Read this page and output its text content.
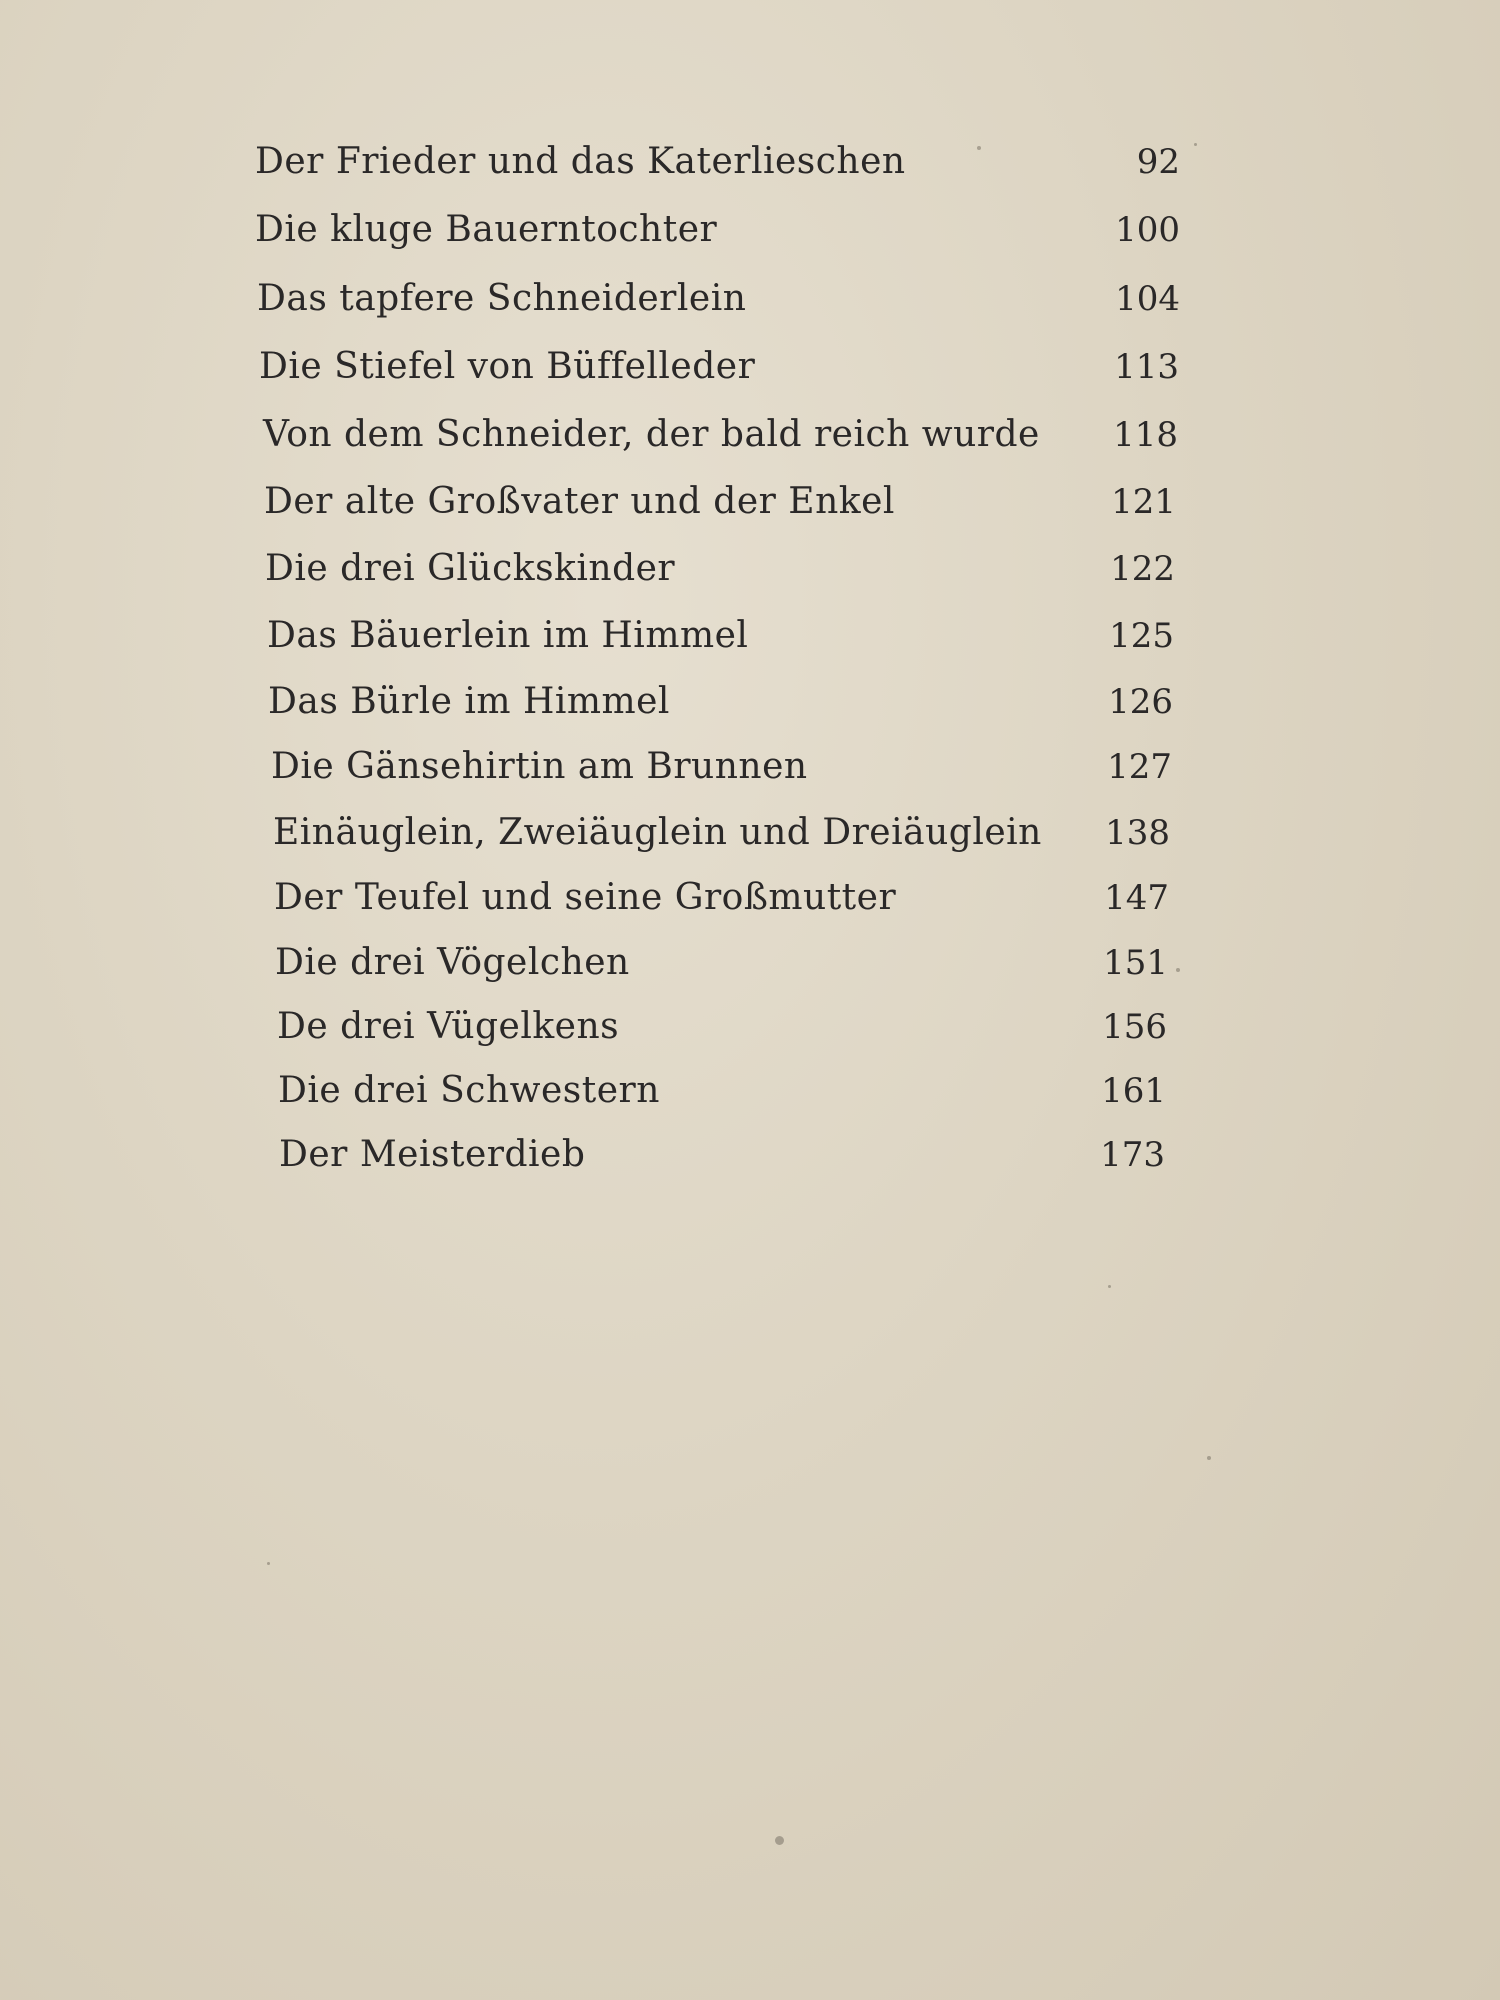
Der Frieder und das Katerlieschen	92
Die kluge Bauerntochter	100
Das tapfere Schneiderlein	104
Die Stiefel von Büffelleder	113
Von dem Schneider, der bald reich wurde	118
Der alte Großvater und der Enkel	121
Die drei Glückskinder	122
Das Bäuerlein im Himmel	125
Das Bürle im Himmel	126
Die Gänsehirtin am Brunnen	127
Einäuglein, Zweiäuglein und Dreiäuglein	138
Der Teufel und seine Großmutter	147
Die drei Vögelchen	151
De drei Vügelkens	156
Die drei Schwestern	161
Der Meisterdieb	173
